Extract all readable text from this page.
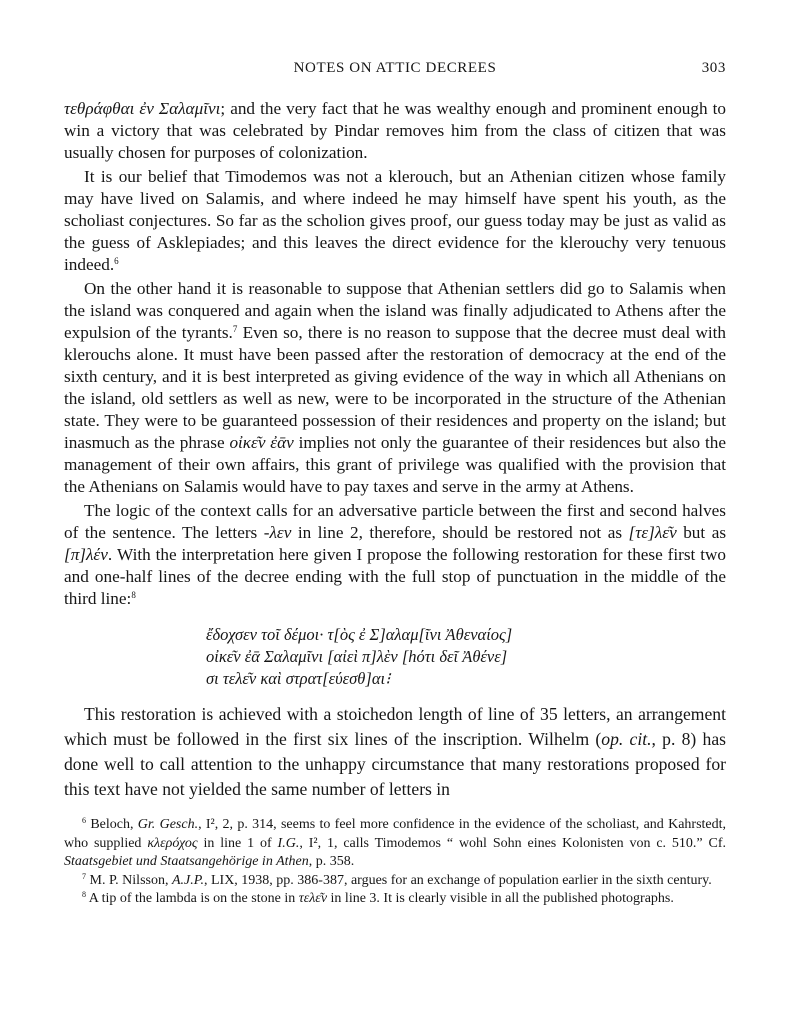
NOTES ON ATTIC DECREES	303

τεθράφθαι ἐν Σαλαμῖνι; and the very fact that he was wealthy enough and prominent enough to win a victory that was celebrated by Pindar removes him from the class of citizen that was usually chosen for purposes of colonization.

It is our belief that Timodemos was not a klerouch, but an Athenian citizen whose family may have lived on Salamis, and where indeed he may himself have spent his youth, as the scholiast conjectures. So far as the scholion gives proof, our guess today may be just as valid as the guess of Asklepiades; and this leaves the direct evidence for the klerouchy very tenuous indeed.$^6$

On the other hand it is reasonable to suppose that Athenian settlers did go to Salamis when the island was conquered and again when the island was finally adjudicated to Athens after the expulsion of the tyrants.$^7$ Even so, there is no reason to suppose that the decree must deal with klerouchs alone. It must have been passed after the restoration of democracy at the end of the sixth century, and it is best interpreted as giving evidence of the way in which all Athenians on the island, old settlers as well as new, were to be incorporated in the structure of the Athenian state. They were to be guaranteed possession of their residences and property on the island; but inasmuch as the phrase οἰκε͂ν ἐᾱν implies not only the guarantee of their residences but also the management of their own affairs, this grant of privilege was qualified with the provision that the Athenians on Salamis would have to pay taxes and serve in the army at Athens.

The logic of the context calls for an adversative particle between the first and second halves of the sentence. The letters -λεν in line 2, therefore, should be restored not as [τε]λε͂ν but as [π]λέν. With the interpretation here given I propose the following restoration for these first two and one-half lines of the decree ending with the full stop of punctuation in the middle of the third line:$^8$

ἔδοχσεν τοῖ δέμοι· τ[ὸς ἐ Σ]αλαμ[ῖνι Ἀθεναίος]
οἰκε͂ν ἐᾱ Σαλαμῖνι [αἰεὶ π]λὲν [hότι δεῖ Ἀθένε]
σι τελε͂ν καὶ στρατ[εύεσθ]αι⁝

This restoration is achieved with a stoichedon length of line of 35 letters, an arrangement which must be followed in the first six lines of the inscription. Wilhelm (op. cit., p. 8) has done well to call attention to the unhappy circumstance that many restorations proposed for this text have not yielded the same number of letters in

$^6$ Beloch, Gr. Gesch., I², 2, p. 314, seems to feel more confidence in the evidence of the scholiast, and Kahrstedt, who supplied κλερόχος in line 1 of I.G., I², 1, calls Timodemos “ wohl Sohn eines Kolonisten von c. 510.” Cf. Staatsgebiet und Staatsangehörige in Athen, p. 358.

$^7$ M. P. Nilsson, A.J.P., LIX, 1938, pp. 386-387, argues for an exchange of population earlier in the sixth century.

$^8$ A tip of the lambda is on the stone in τελε͂ν in line 3. It is clearly visible in all the published photographs.
